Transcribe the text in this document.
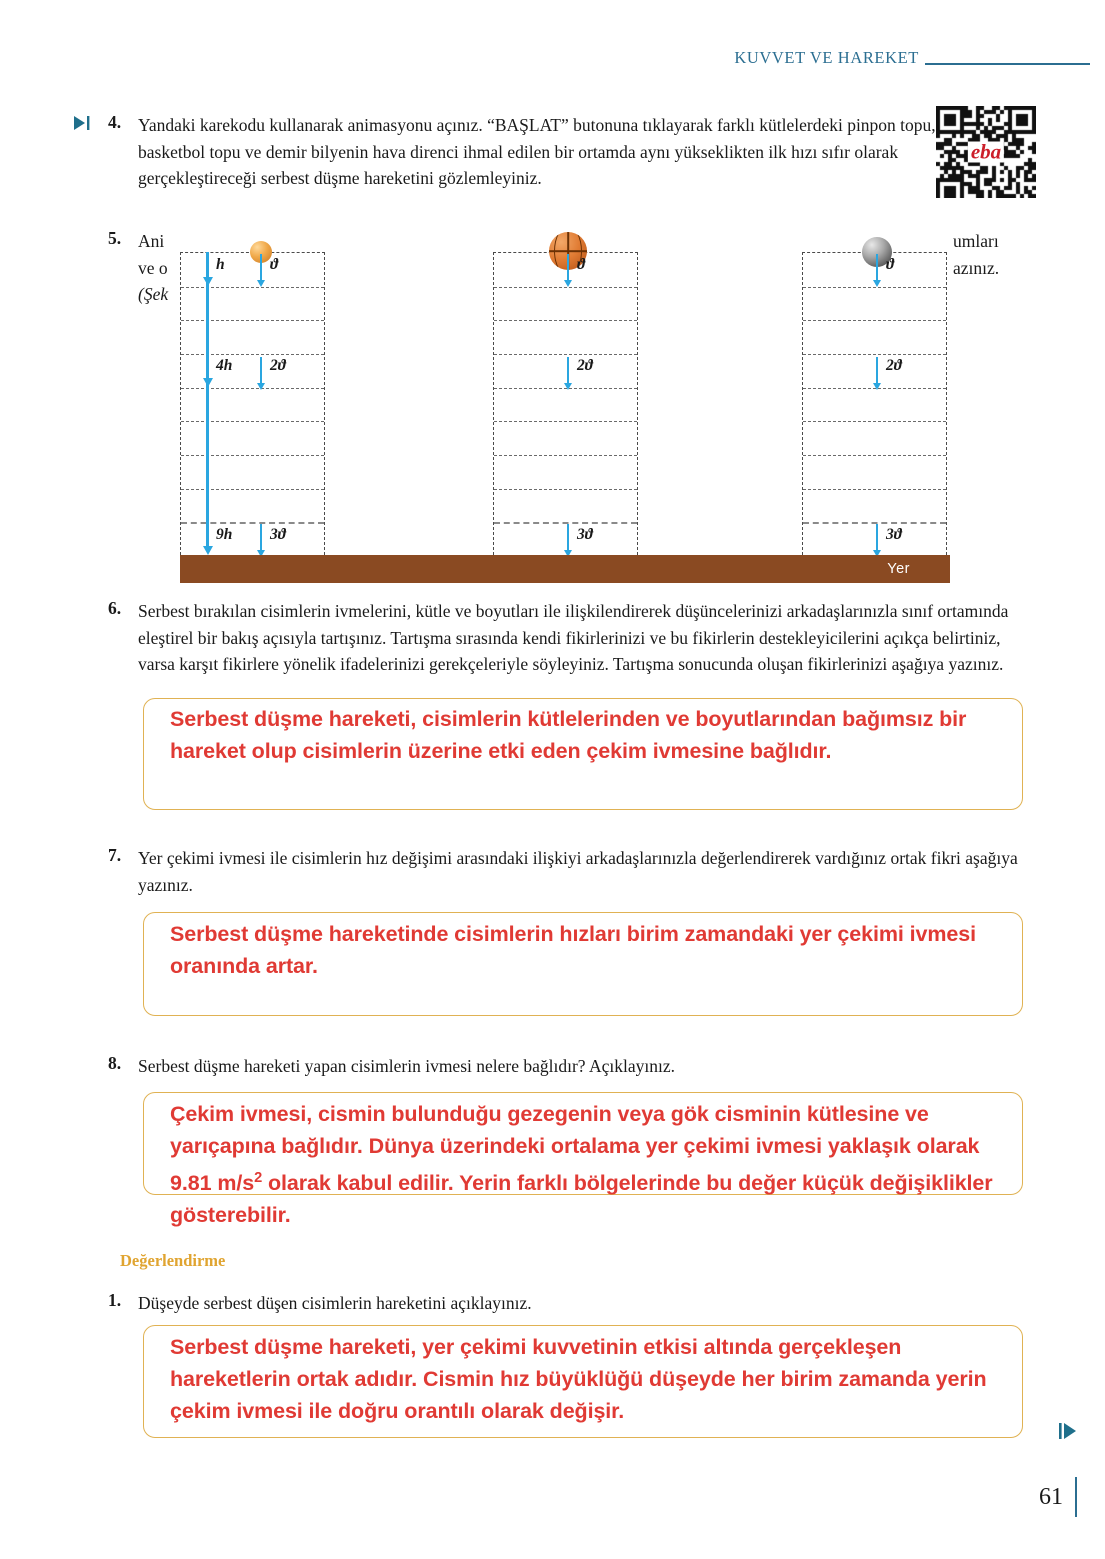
KUVVET VE HAREKET
4. Yandaki karekodu kullanarak animasyonu açınız. “BAŞLAT” butonuna tıklayarak farklı kütlelerdeki pinpon topu, basketbol topu ve demir bilyenin hava direnci ihmal edilen bir ortamda aynı yükseklikten ilk hızı sıfır olarak gerçekleştireceği serbest düşme hareketini gözlemleyiniz.
eba
5. Ani
ve o
(Şek
umları
azınız.
h
4h
9h
ϑ
2ϑ
3ϑ
ϑ
2ϑ
3ϑ
ϑ
2ϑ
3ϑ
Yer
6. Serbest bırakılan cisimlerin ivmelerini, kütle ve boyutları ile ilişkilendirerek düşüncelerinizi arkadaşlarınızla sınıf ortamında eleştirel bir bakış açısıyla tartışınız. Tartışma sırasında kendi fikirlerinizi ve bu fikirlerin destekleyicilerini açıkça belirtiniz, varsa karşıt fikirlere yönelik ifadelerinizi gerekçeleriyle söyleyiniz. Tartışma sonucunda oluşan fikirlerinizi aşağıya yazınız.
Serbest düşme hareketi, cisimlerin kütlelerinden ve boyutlarından bağımsız bir hareket olup cisimlerin üzerine etki eden çekim ivmesine bağlıdır.
7. Yer çekimi ivmesi ile cisimlerin hız değişimi arasındaki ilişkiyi arkadaşlarınızla değerlendirerek vardığınız ortak fikri aşağıya yazınız.
Serbest düşme hareketinde cisimlerin hızları birim zamandaki yer çekimi ivmesi oranında artar.
8. Serbest düşme hareketi yapan cisimlerin ivmesi nelere bağlıdır? Açıklayınız.
Çekim ivmesi, cismin bulunduğu gezegenin veya gök cisminin kütlesine ve yarıçapına bağlıdır. Dünya üzerindeki ortalama yer çekimi ivmesi yaklaşık olarak 9.81 $m/s^2$ olarak kabul edilir. Yerin farklı bölgelerinde bu değer küçük değişiklikler gösterebilir.
Değerlendirme
1. Düşeyde serbest düşen cisimlerin hareketini açıklayınız.
Serbest düşme hareketi, yer çekimi kuvvetinin etkisi altında gerçekleşen hareketlerin ortak adıdır. Cismin hız büyüklüğü düşeyde her birim zamanda yerin çekim ivmesi ile doğru orantılı olarak değişir.
61
